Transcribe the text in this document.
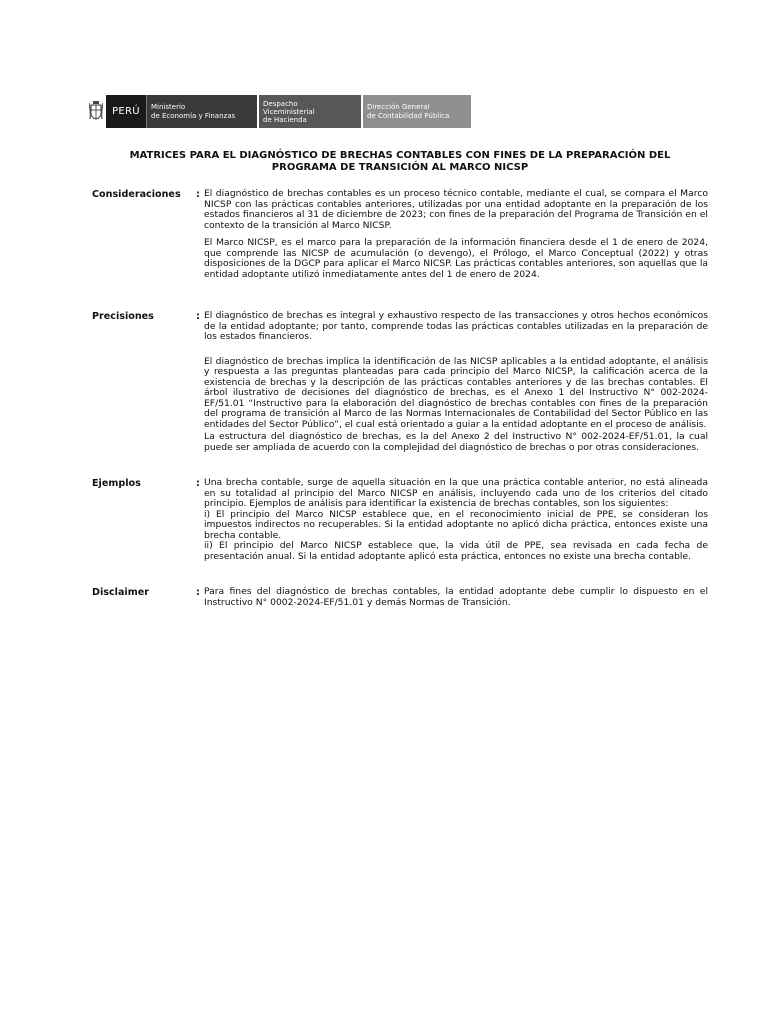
PERÚ Ministerio
de Economía y Finanzas
Despacho
Viceministerial
de Hacienda
Dirección General
de Contabilidad Pública
MATRICES PARA EL DIAGNÓSTICO DE BRECHAS CONTABLES CON FINES DE LA PREPARACIÓN DEL
PROGRAMA DE TRANSICIÓN AL MARCO NICSP
Consideraciones	: El diagnóstico de brechas contables es un proceso técnico contable, mediante el cual, se compara el Marco NICSP con las prácticas contables anteriores, utilizadas por una entidad adoptante en la preparación de los estados financieros al 31 de diciembre de 2023; con fines de la preparación del Programa de Transición en el contexto de la transición al Marco NICSP.

El Marco NICSP, es el marco para la preparación de la información financiera desde el 1 de enero de 2024, que comprende las NICSP de acumulación (o devengo), el Prólogo, el Marco Conceptual (2022) y otras disposiciones de la DGCP para aplicar el Marco NICSP. Las prácticas contables anteriores, son aquellas que la entidad adoptante utilizó inmediatamente antes del 1 de enero de 2024.

Precisiones	: El diagnóstico de brechas es integral y exhaustivo respecto de las transacciones y otros hechos económicos de la entidad adoptante; por tanto, comprende todas las prácticas contables utilizadas en la preparación de los estados financieros.

El diagnóstico de brechas implica la identificación de las NICSP aplicables a la entidad adoptante, el análisis y respuesta a las preguntas planteadas para cada principio del Marco NICSP, la calificación acerca de la existencia de brechas y la descripción de las prácticas contables anteriores y de las brechas contables. El árbol ilustrativo de decisiones del diagnóstico de brechas, es el Anexo 1 del Instructivo N° 002-2024-EF/51.01 “Instructivo para la elaboración del diagnóstico de brechas contables con fines de la preparación del programa de transición al Marco de las Normas Internacionales de Contabilidad del Sector Público en las entidades del Sector Público”, el cual está orientado a guiar a la entidad adoptante en el proceso de análisis.

La estructura del diagnóstico de brechas, es la del Anexo 2 del Instructivo N° 002-2024-EF/51.01, la cual puede ser ampliada de acuerdo con la complejidad del diagnóstico de brechas o por otras consideraciones.

Ejemplos	: Una brecha contable, surge de aquella situación en la que una práctica contable anterior, no está alineada en su totalidad al principio del Marco NICSP en análisis, incluyendo cada uno de los criterios del citado principio. Ejemplos de análisis para identificar la existencia de brechas contables, son los siguientes:

i) El principio del Marco NICSP establece que, en el reconocimiento inicial de PPE, se consideran los impuestos indirectos no recuperables. Si la entidad adoptante no aplicó dicha práctica, entonces existe una brecha contable.

ii) El principio del Marco NICSP establece que, la vida útil de PPE, sea revisada en cada fecha de presentación anual. Si la entidad adoptante aplicó esta práctica, entonces no existe una brecha contable.

Disclaimer	: Para fines del diagnóstico de brechas contables, la entidad adoptante debe cumplir lo dispuesto en el Instructivo N° 0002-2024-EF/51.01 y demás Normas de Transición.
